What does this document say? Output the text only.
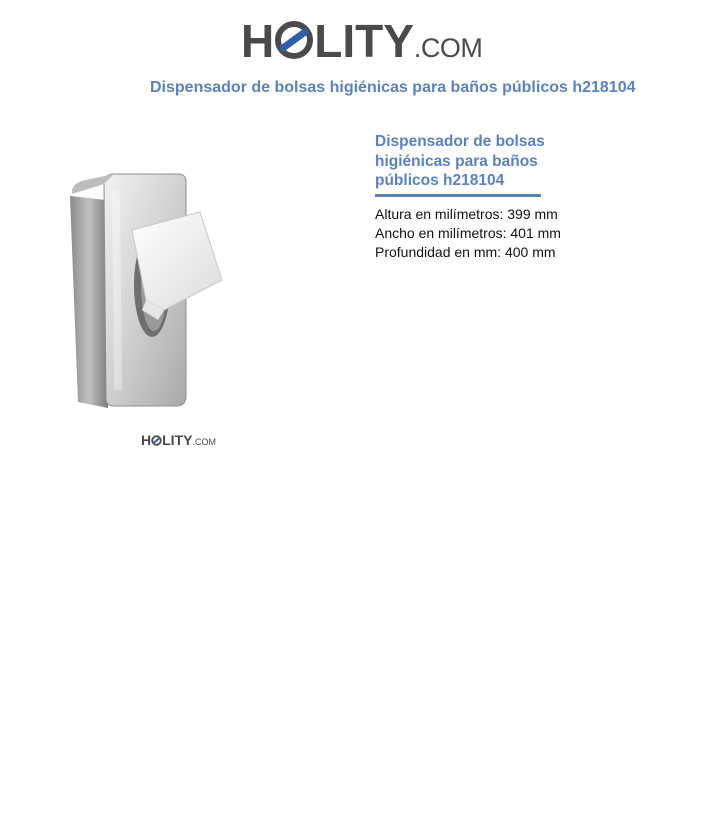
H LITY.COM
Dispensador de bolsas higiénicas para baños públicos h218104
H LITY.COM
Dispensador de bolsas higiénicas para baños públicos h218104
Altura en milímetros: 399 mm
Ancho en milímetros: 401 mm
Profundidad en mm: 400 mm
